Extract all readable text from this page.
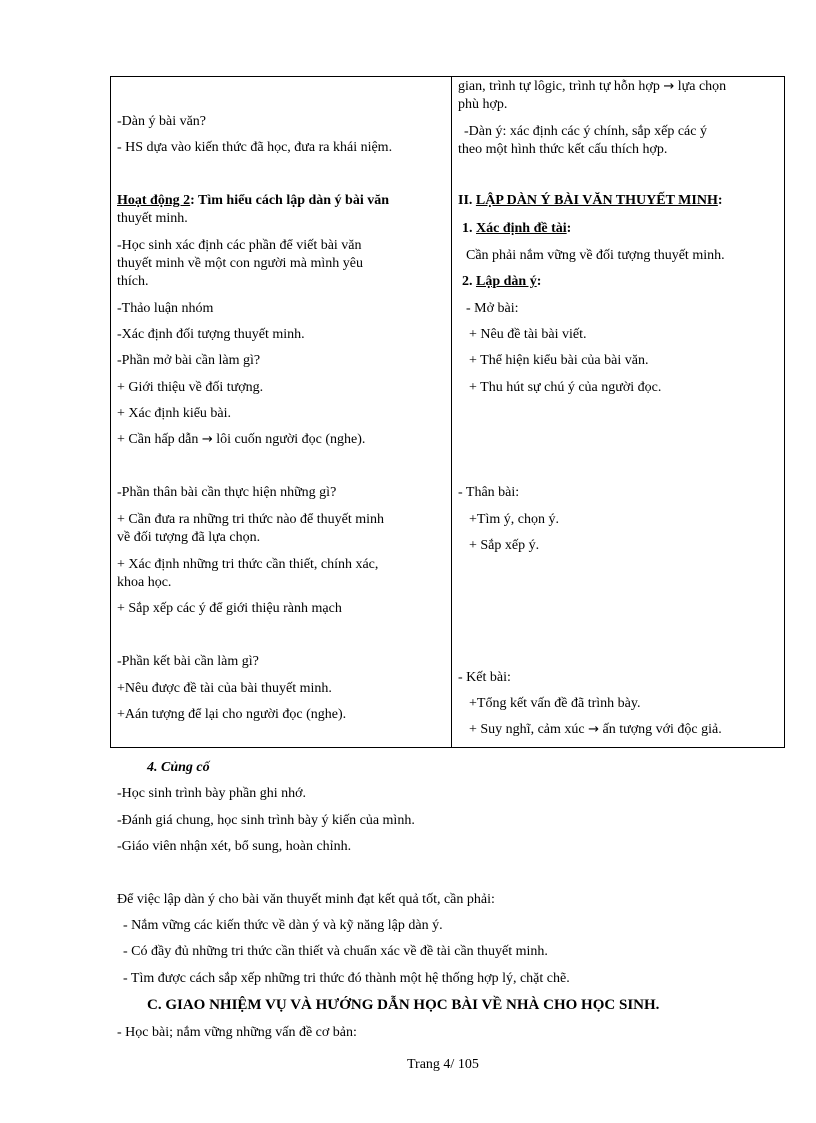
-Dàn ý bài văn?
- HS dựa vào kiến thức đã học, đưa ra khái niệm.
Hoạt động 2: Tìm hiểu cách lập dàn ý bài văn
thuyết minh.
-Học sinh xác định các phần để viết bài văn
thuyết minh về một con người mà mình yêu
thích.
-Thảo luận nhóm
-Xác định đối tượng thuyết minh.
-Phần mở bài cần làm gì?
+ Giới thiệu về đối tượng.
+ Xác định kiểu bài.
+ Cần hấp dẫn → lôi cuốn người đọc (nghe).
-Phần thân bài cần thực hiện những gì?
+ Cần đưa ra những tri thức nào để thuyết minh
về đối tượng đã lựa chọn.
+ Xác định những tri thức cần thiết, chính xác,
khoa học.
+ Sắp xếp các ý để giới thiệu rành mạch
-Phần kết bài cần làm gì?
+Nêu được đề tài của bài thuyết minh.
+Aán tượng để lại cho người đọc (nghe).
gian, trình tự lôgic, trình tự hỗn hợp → lựa chọn
phù hợp.
-Dàn ý: xác định các ý chính, sắp xếp các ý
theo một hình thức kết cấu thích hợp.
II. LẬP DÀN Ý BÀI VĂN THUYẾT MINH:
1. Xác định đề tài:
Cần phải nắm vững về đối tượng thuyết minh.
2. Lập dàn ý:
- Mở bài:
+ Nêu đề tài bài viết.
+ Thể hiện kiểu bài của bài văn.
+ Thu hút sự chú ý của người đọc.
- Thân bài:
+Tìm ý, chọn ý.
+ Sắp xếp ý.
- Kết bài:
+Tổng kết vấn đề đã trình bày.
+ Suy nghĩ, cảm xúc → ấn tượng với độc giả.
4. Củng cố
-Học sinh trình bày phần ghi nhớ.
-Đánh giá chung, học sinh trình bày ý kiến của mình.
-Giáo viên nhận xét, bổ sung, hoàn chỉnh.
Để việc lập dàn ý cho bài văn thuyết minh đạt kết quả tốt, cần phải:
- Nắm vững các kiến thức về dàn ý và kỹ năng lập dàn ý.
- Có đầy đủ những tri thức cần thiết và chuẩn xác về đề tài cần thuyết minh.
- Tìm được cách sắp xếp những tri thức đó thành một hệ thống hợp lý, chặt chẽ.
C. GIAO NHIỆM VỤ VÀ HƯỚNG DẪN HỌC BÀI VỀ NHÀ CHO HỌC SINH.
- Học bài; nắm vững những vấn đề cơ bản:
Trang 4/ 105
